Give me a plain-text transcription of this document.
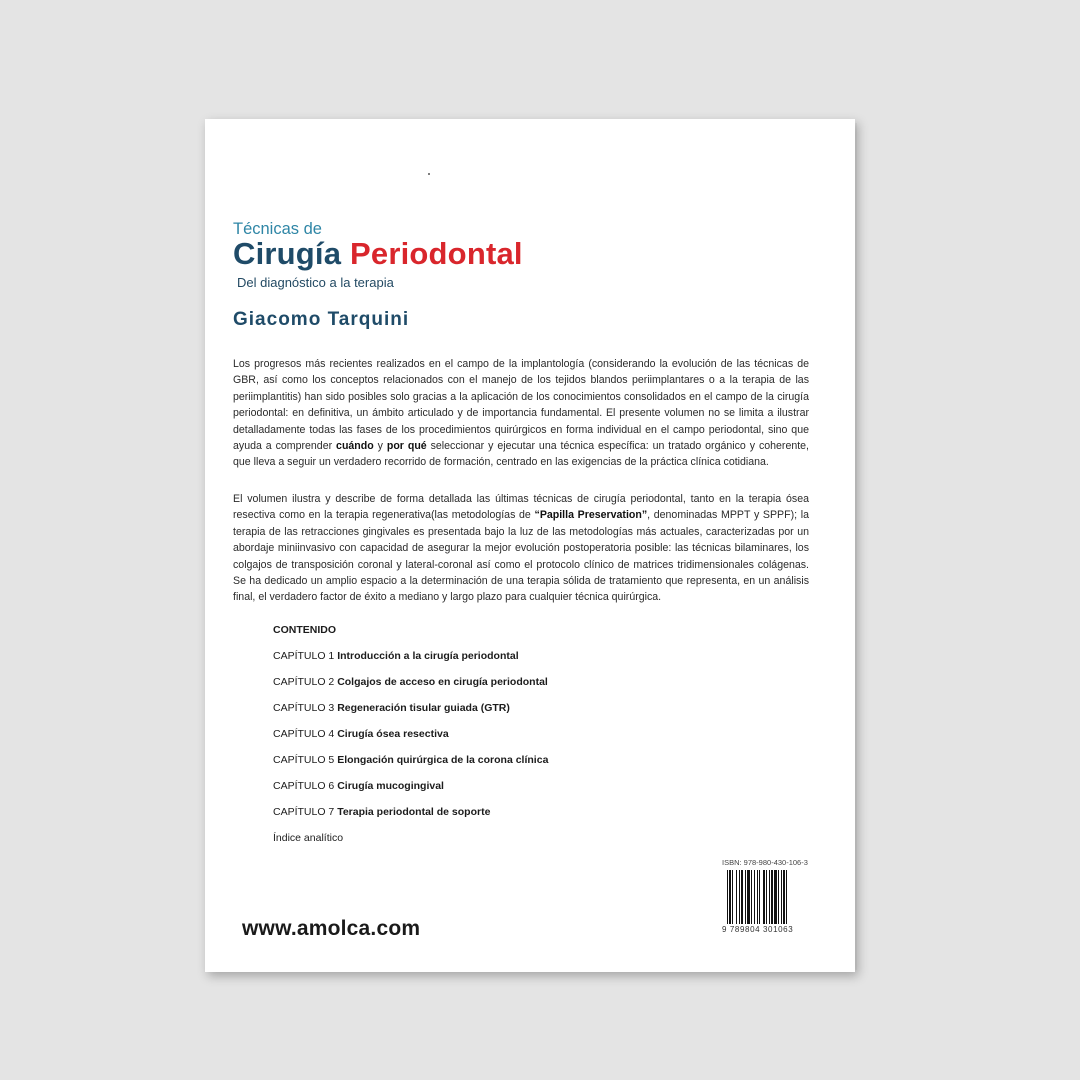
Técnicas de
Cirugía Periodontal
Del diagnóstico a la terapia
Giacomo Tarquini

Los progresos más recientes realizados en el campo de la implantología (considerando la evolución de las técnicas de GBR, así como los conceptos relacionados con el manejo de los tejidos blandos periimplantares o a la terapia de las periimplantitis) han sido posibles solo gracias a la aplicación de los conocimientos consolidados en el campo de la cirugía periodontal: en definitiva, un ámbito articulado y de importancia fundamental. El presente volumen no se limita a ilustrar detalladamente todas las fases de los procedimientos quirúrgicos en forma individual en el campo periodontal, sino que ayuda a comprender cuándo y por qué seleccionar y ejecutar una técnica específica: un tratado orgánico y coherente, que lleva a seguir un verdadero recorrido de formación, centrado en las exigencias de la práctica clínica cotidiana.

El volumen ilustra y describe de forma detallada las últimas técnicas de cirugía periodontal, tanto en la terapia ósea resectiva como en la terapia regenerativa(las metodologías de “Papilla Preservation”, denominadas MPPT y SPPF); la terapia de las retracciones gingivales es presentada bajo la luz de las metodologías más actuales, caracterizadas por un abordaje miniinvasivo con capacidad de asegurar la mejor evolución postoperatoria posible: las técnicas bilaminares, los colgajos de transposición coronal y lateral-coronal así como el protocolo clínico de matrices tridimensionales colágenas. Se ha dedicado un amplio espacio a la determinación de una terapia sólida de tratamiento que representa, en un análisis final, el verdadero factor de éxito a mediano y largo plazo para cualquier técnica quirúrgica.

CONTENIDO
CAPÍTULO 1 Introducción a la cirugía periodontal
CAPÍTULO 2 Colgajos de acceso en cirugía periodontal
CAPÍTULO 3 Regeneración tisular guiada (GTR)
CAPÍTULO 4 Cirugía ósea resectiva
CAPÍTULO 5 Elongación quirúrgica de la corona clínica
CAPÍTULO 6 Cirugía mucogingival
CAPÍTULO 7 Terapia periodontal de soporte
Índice analítico
www.amolca.com
ISBN: 978-980-430-106-3
9 789804 301063
